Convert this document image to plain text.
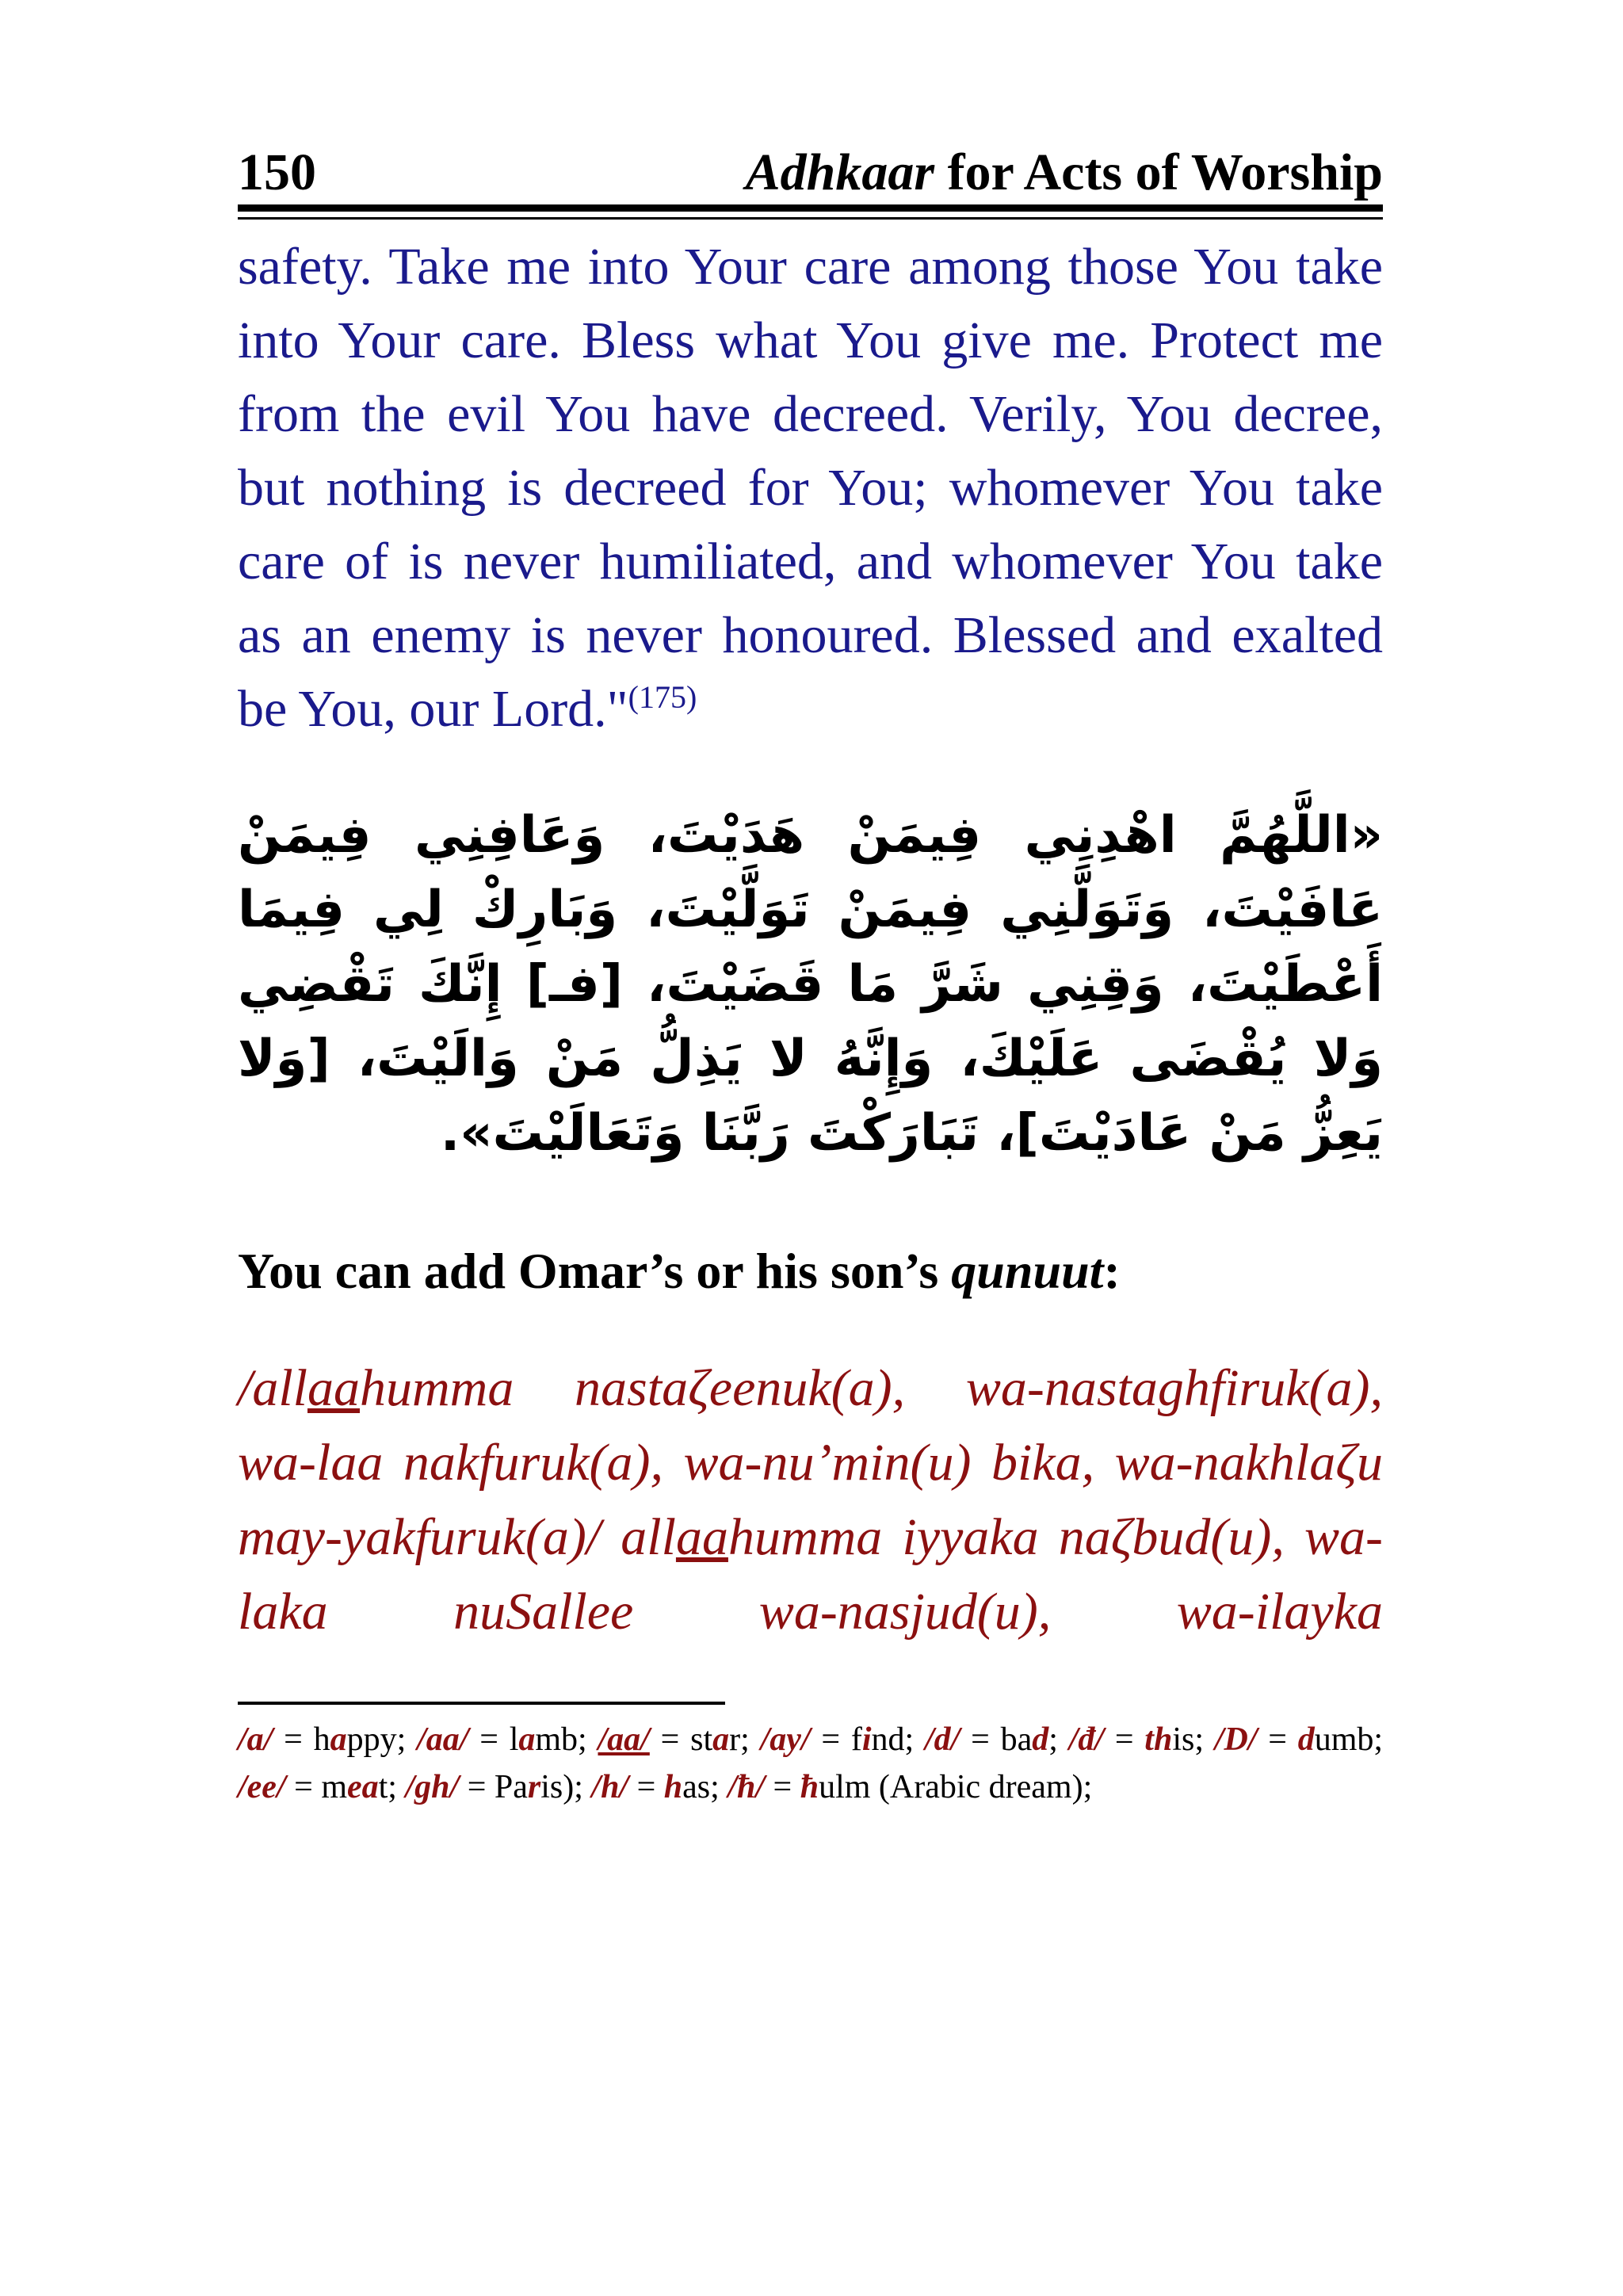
150	Adhkaar for Acts of Worship

safety. Take me into Your care among those You take into Your care. Bless what You give me. Protect me from the evil You have decreed. Verily, You decree, but nothing is decreed for You; whomever You take care of is never humiliated, and whomever You take as an enemy is never honoured. Blessed and exalted be You, our Lord."$^{(175)}$

«اللَّهُمَّ اهْدِنِي فِيمَنْ هَدَيْتَ، وَعَافِنِي فِيمَنْ عَافَيْتَ، وَتَوَلَّنِي فِيمَنْ تَوَلَّيْتَ، وَبَارِكْ لِي فِيمَا أَعْطَيْتَ، وَقِنِي شَرَّ مَا قَضَيْتَ، [فـ] إِنَّكَ تَقْضِي وَلا يُقْضَى عَلَيْكَ، وَإِنَّهُ لا يَذِلُّ مَنْ وَالَيْتَ، [وَلا يَعِزُّ مَنْ عَادَيْتَ]، تَبَارَكْتَ رَبَّنَا وَتَعَالَيْتَ».

You can add Omar’s or his son’s qunuut:

/allaahumma nastaζeenuk(a), wa-nastaghfiruk(a), wa-laa nakfuruk(a), wa-nu’min(u) bika, wa-nakhlaζu may-yakfuruk(a)/ allaahumma iyyaka naζbud(u), wa-laka nuSallee wa-nasjud(u), wa-ilayka

/a/ = happy; /aa/ = lamb; /aa/ = star; /ay/ = find; /d/ = bad; /đ/ = this; /D/ = dumb; /ee/ = meat; /gh/ = Paris); /h/ = has; /ħ/ = ħulm (Arabic dream);
